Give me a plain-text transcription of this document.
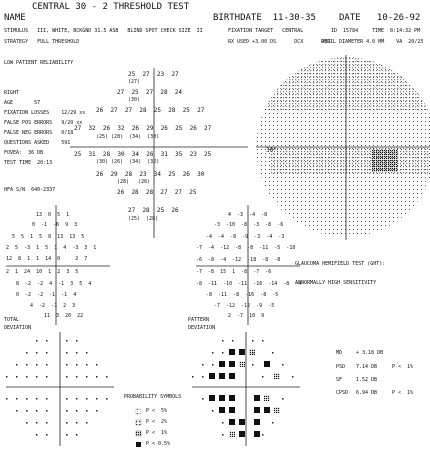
CENTRAL 30 - 2 THRESHOLD TEST
NAME	BIRTHDATE  11-30-35	DATE   10-26-92
STIMULUS   III, WHITE, BCKGND 31.5 ASB   BLIND SPOT CHECK SIZE  II
STRATEGY   FULL THRESHOLD
FIXATION TARGET   CENTRAL	ID  15784	TIME  8:14:32 PM
RX USED +3.00 DS      DCX      DEG
PUPIL DIAMETER 4.0 MM    VA  20/25
LOW PATIENT RELIABILITY
RIGHT
AGE       57
FIXATION LOSSES    12/29 xx
FALSE POS ERRORS   9/20 xx
FALSE NEG ERRORS   0/18
QUESTIONS ASKED    591
FOVEA:  36 DB
TEST TIME  20:13
HFA S/N  640-2337
25  27  23  27
27  25  27  28  24
26  27  27  28  25  28  25  27
27  32  26  32  26  29  26  25  26  27
25  31  28  30  34  26  31  35  23  25
26  29  28  23  34  25  26  30
26  28  28  27  27  25
27  28  25  26
(27)
(30)
(25) (28)  (34)  (30)
(30) (26)  (34)  (32)
(28)   (26)
(25)  (28)
13  0  5  1
0  -1  -6  9  3
5  5  1  5  8  13  13  5
2  5  -3  1  5  1  4  -3  3  1
12  8  1  1  14  0     2  7
2  1  24  10  1  2  3  5
8  -2  -2  4  -1  3  5  4
0  -2  -2  -1  -1  4
4  -2  -1  2  3
11  3  20  22
TOTAL
DEVIATION
4  -3  -4  -8
-3  -10  -8  -3  -8  -6
-4  -4  -8  -9  -3  -4  -3
-7  -4  -12  -8  -8  -11  -5  -10
-6  -8  -4  -12  -18  -8  -8
-7  -8  15  1  -8  -7  -6
-8  -11  -10  -11  -16  -14  -8  -4
-8  -11  -8  -16  -8  -5
-7  -12  -12  -9  -5
2  -7  10  9
PATTERN
DEVIATION
GLAUCOMA HEMIFIELD TEST (GHT):
ABNORMALLY HIGH SENSITIVITY
MD	+ 3.18 DB
PSD 7.14 DB	P <  1%
SF	1.52 DB
CPSD 6.94 DB	P <  1%
PROBABILITY SYMBOLS
P <  5%
P <  2%
P <  1%
P < 0.5%
30°
